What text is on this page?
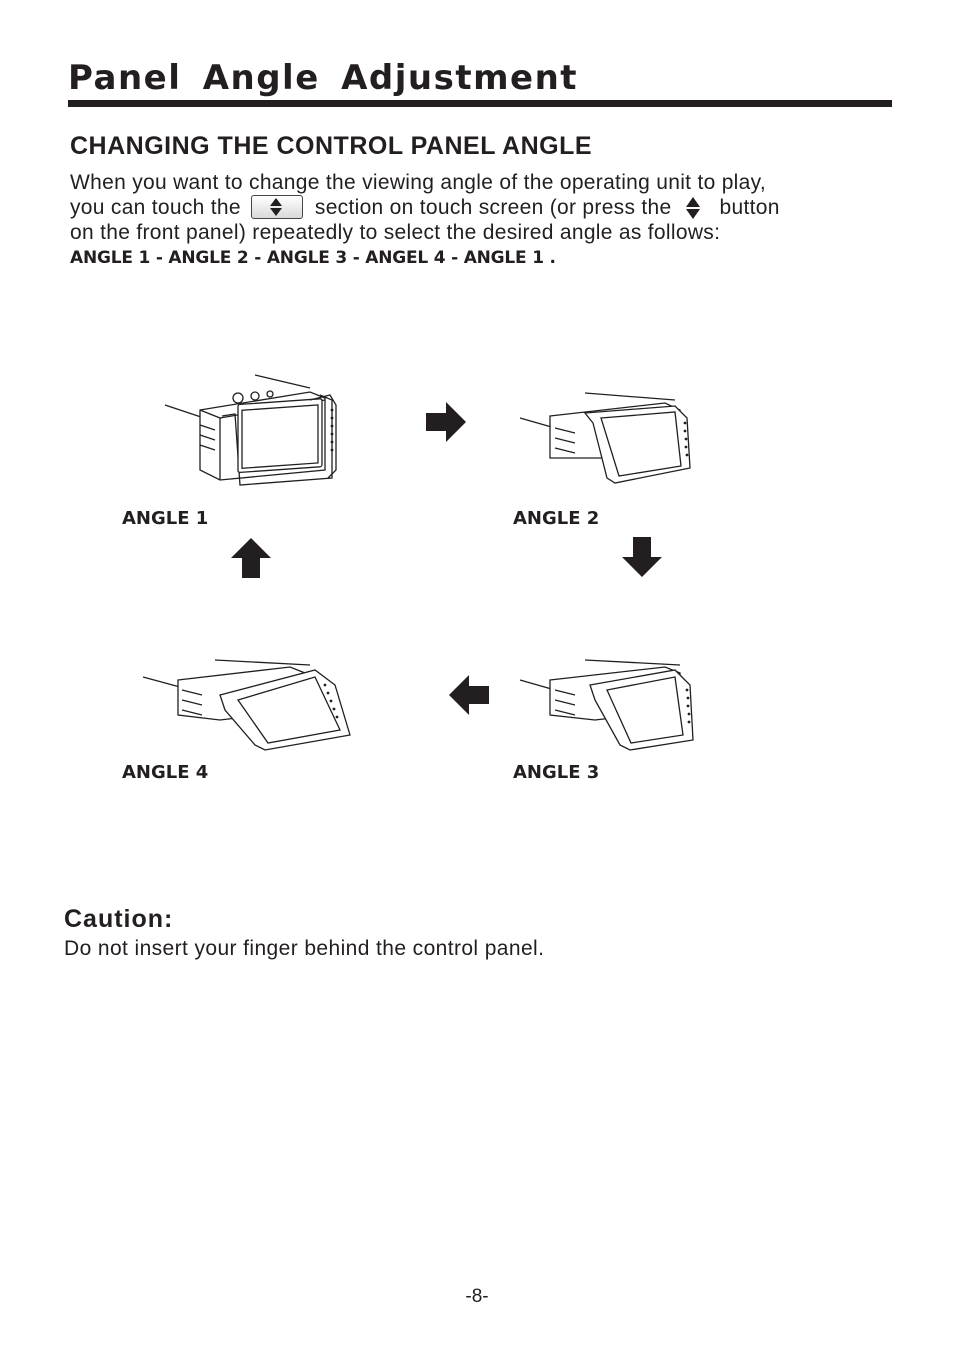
Panel Angle Adjustment
CHANGING THE CONTROL PANEL ANGLE

When you want to change the viewing angle of the operating unit to play,

you can touch the	section on touch screen (or press the button

on the front panel) repeatedly to select the desired angle as follows:

ANGLE 1 - ANGLE 2 - ANGLE 3 - ANGEL 4 - ANGLE 1 .

ANGLE 1	ANGLE 2

ANGLE 4	ANGLE 3

Caution:

Do not insert your finger behind the control panel.

-8-
